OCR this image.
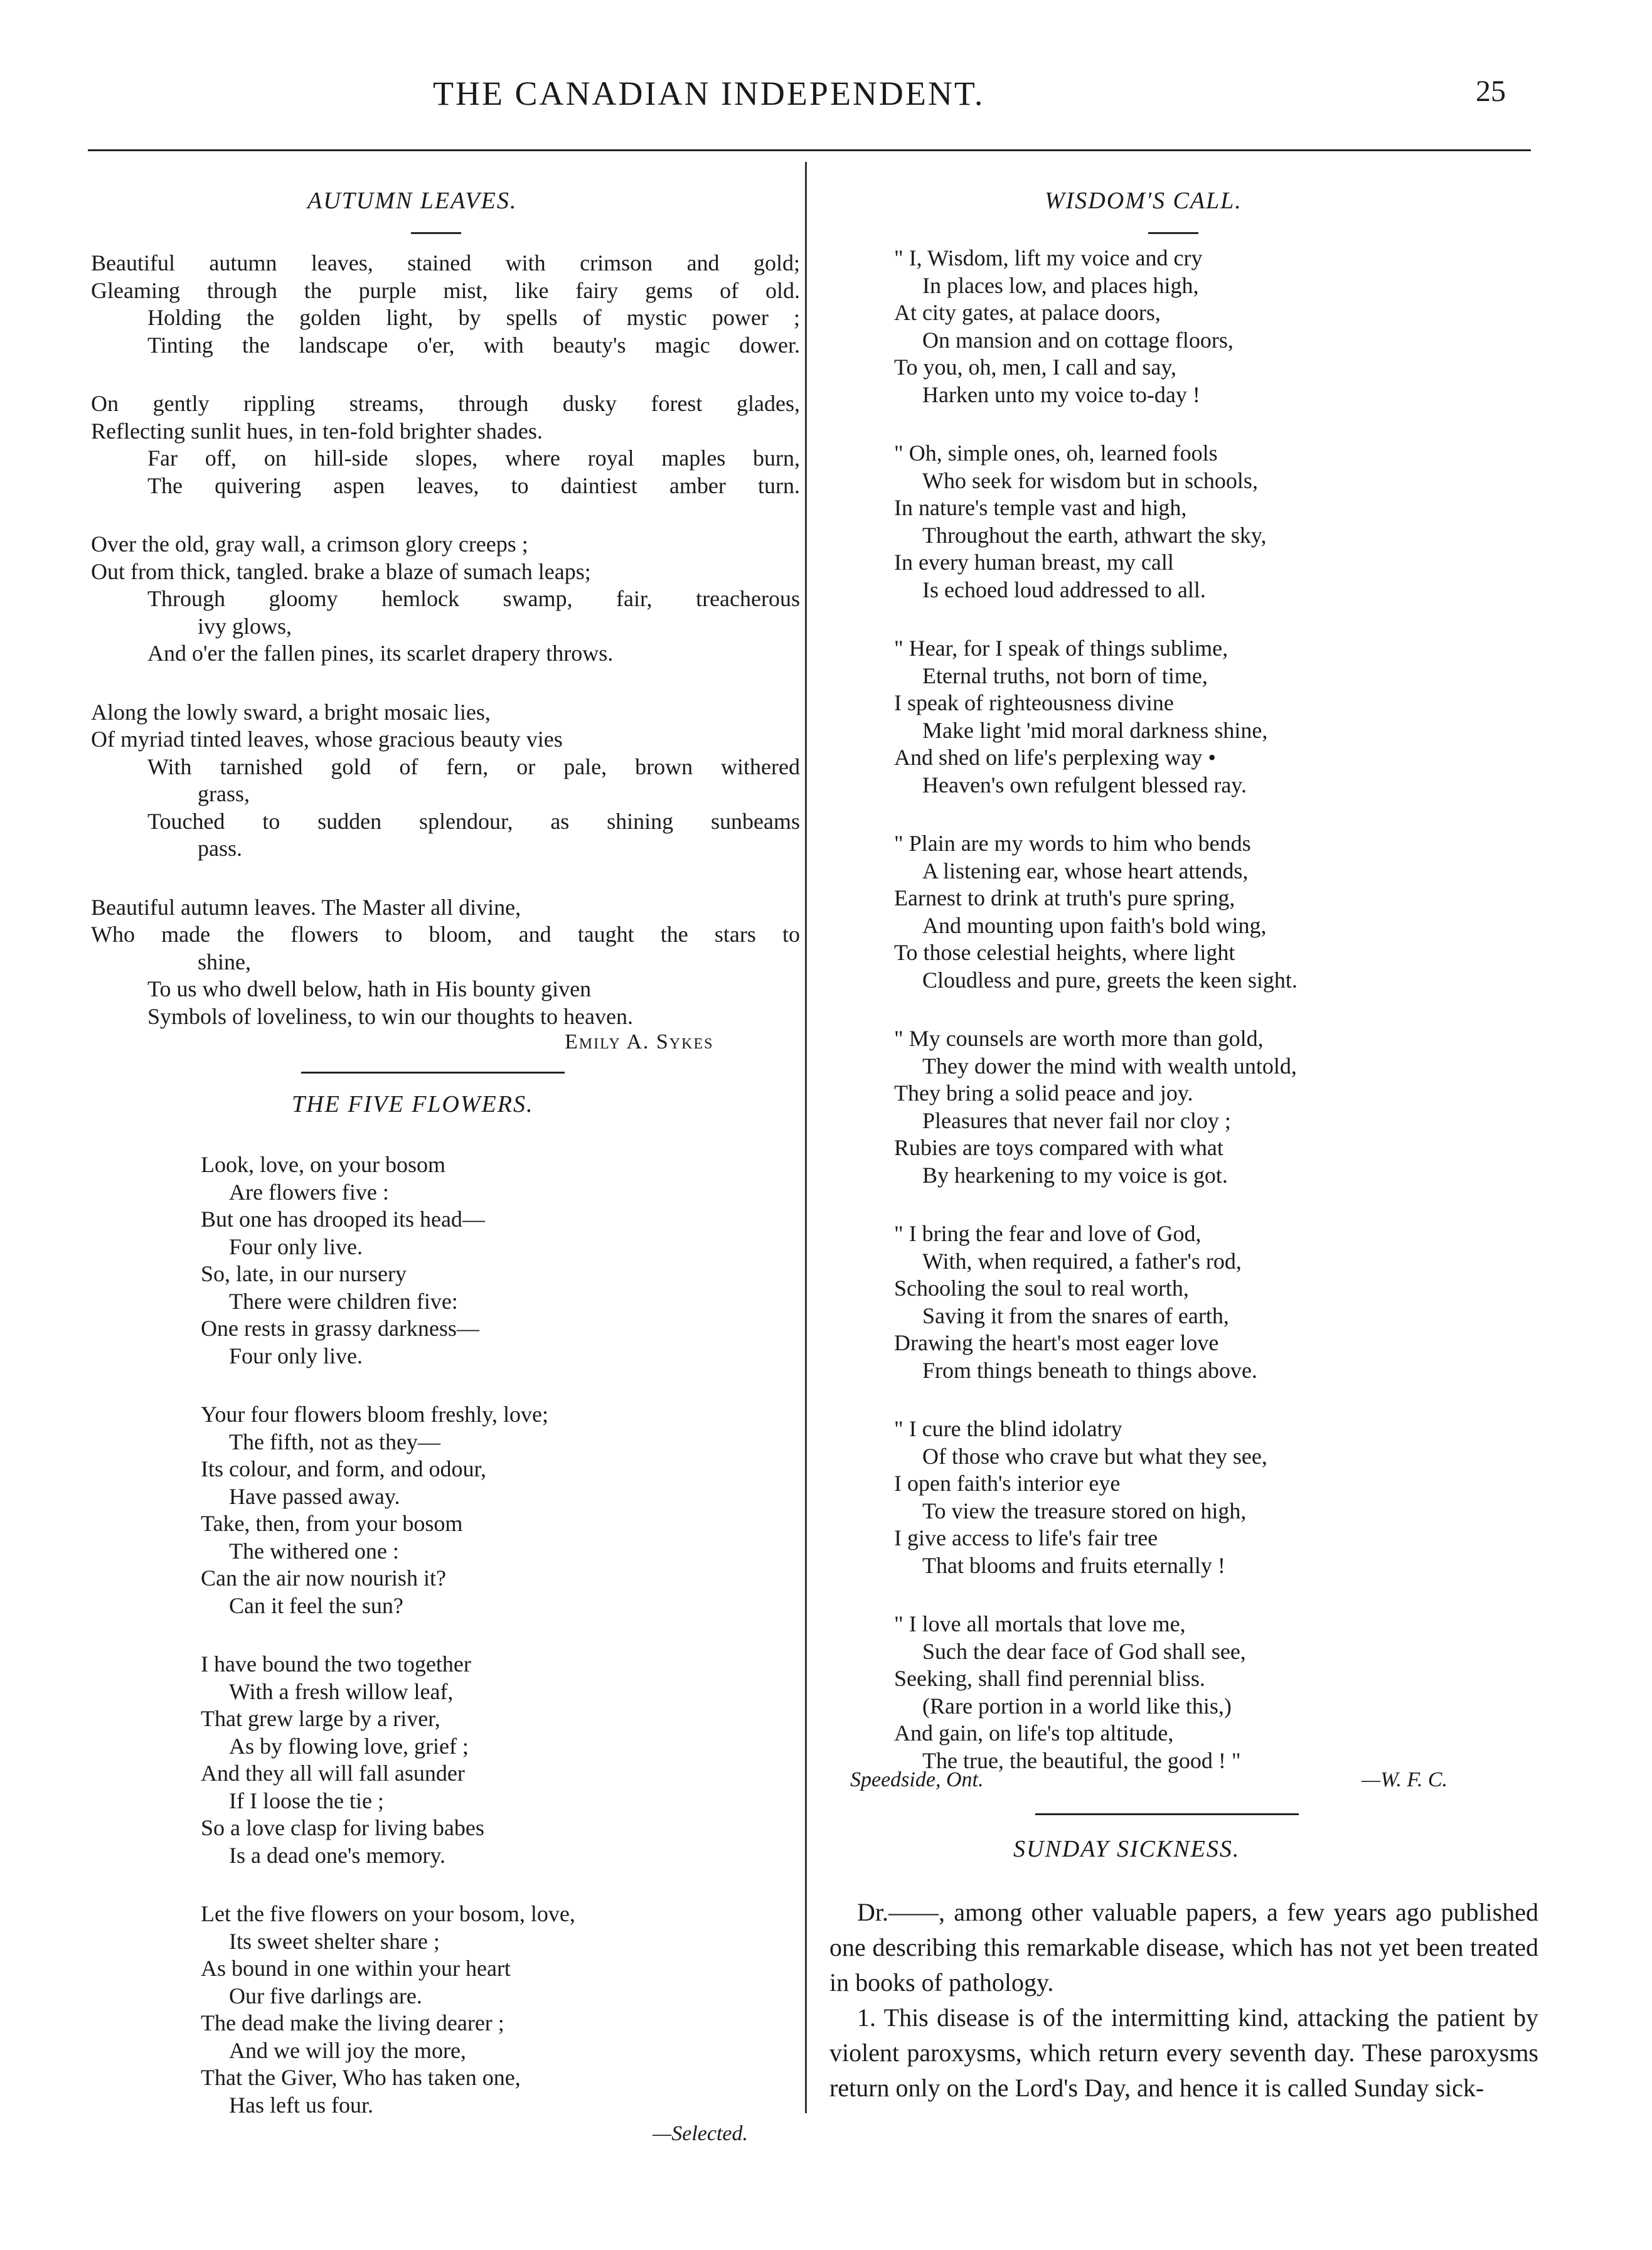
THE CANADIAN INDEPENDENT.	25
AUTUMN LEAVES.
Beautiful autumn leaves, stained with crimson and gold;
Gleaming through the purple mist, like fairy gems of old.
Holding the golden light, by spells of mystic power ;
Tinting the landscape o'er, with beauty's magic dower.
On gently rippling streams, through dusky forest glades,
Reflecting sunlit hues, in ten-fold brighter shades.
Far off, on hill-side slopes, where royal maples burn,
The quivering aspen leaves, to daintiest amber turn.
Over the old, gray wall, a crimson glory creeps ;
Out from thick, tangled. brake a blaze of sumach leaps;
Through gloomy hemlock swamp, fair, treacherous
ivy glows,
And o'er the fallen pines, its scarlet drapery throws.
Along the lowly sward, a bright mosaic lies,
Of myriad tinted leaves, whose gracious beauty vies
With tarnished gold of fern, or pale, brown withered
grass,
Touched to sudden splendour, as shining sunbeams
pass.
Beautiful autumn leaves. The Master all divine,
Who made the flowers to bloom, and taught the stars to
shine,
To us who dwell below, hath in His bounty given
Symbols of loveliness, to win our thoughts to heaven.
Emily A. Sykes
THE FIVE FLOWERS.
Look, love, on your bosom
Are flowers five :
But one has drooped its head—
Four only live.
So, late, in our nursery
There were children five:
One rests in grassy darkness—
Four only live.
Your four flowers bloom freshly, love;
The fifth, not as they—
Its colour, and form, and odour,
Have passed away.
Take, then, from your bosom
The withered one :
Can the air now nourish it?
Can it feel the sun?
I have bound the two together
With a fresh willow leaf,
That grew large by a river,
As by flowing love, grief ;
And they all will fall asunder
If I loose the tie ;
So a love clasp for living babes
Is a dead one's memory.
Let the five flowers on your bosom, love,
Its sweet shelter share ;
As bound in one within your heart
Our five darlings are.
The dead make the living dearer ;
And we will joy the more,
That the Giver, Who has taken one,
Has left us four.
—Selected.
WISDOM'S CALL.
" I, Wisdom, lift my voice and cry
In places low, and places high,
At city gates, at palace doors,
On mansion and on cottage floors,
To you, oh, men, I call and say,
Harken unto my voice to-day !
" Oh, simple ones, oh, learned fools
Who seek for wisdom but in schools,
In nature's temple vast and high,
Throughout the earth, athwart the sky,
In every human breast, my call
Is echoed loud addressed to all.
" Hear, for I speak of things sublime,
Eternal truths, not born of time,
I speak of righteousness divine
Make light 'mid moral darkness shine,
And shed on life's perplexing way •
Heaven's own refulgent blessed ray.
" Plain are my words to him who bends
A listening ear, whose heart attends,
Earnest to drink at truth's pure spring,
And mounting upon faith's bold wing,
To those celestial heights, where light
Cloudless and pure, greets the keen sight.
" My counsels are worth more than gold,
They dower the mind with wealth untold,
They bring a solid peace and joy.
Pleasures that never fail nor cloy ;
Rubies are toys compared with what
By hearkening to my voice is got.
" I bring the fear and love of God,
With, when required, a father's rod,
Schooling the soul to real worth,
Saving it from the snares of earth,
Drawing the heart's most eager love
From things beneath to things above.
" I cure the blind idolatry
Of those who crave but what they see,
I open faith's interior eye
To view the treasure stored on high,
I give access to life's fair tree
That blooms and fruits eternally !
" I love all mortals that love me,
Such the dear face of God shall see,
Seeking, shall find perennial bliss.
(Rare portion in a world like this,)
And gain, on life's top altitude,
The true, the beautiful, the good ! "
Speedside, Ont.	—W. F. C.
SUNDAY SICKNESS.

Dr.——, among other valuable papers, a few years ago published one describing this remarkable disease, which has not yet been treated in books of pathology.

1. This disease is of the intermitting kind, attacking the patient by violent paroxysms, which return every seventh day. These paroxysms return only on the Lord's Day, and hence it is called Sunday sick-
